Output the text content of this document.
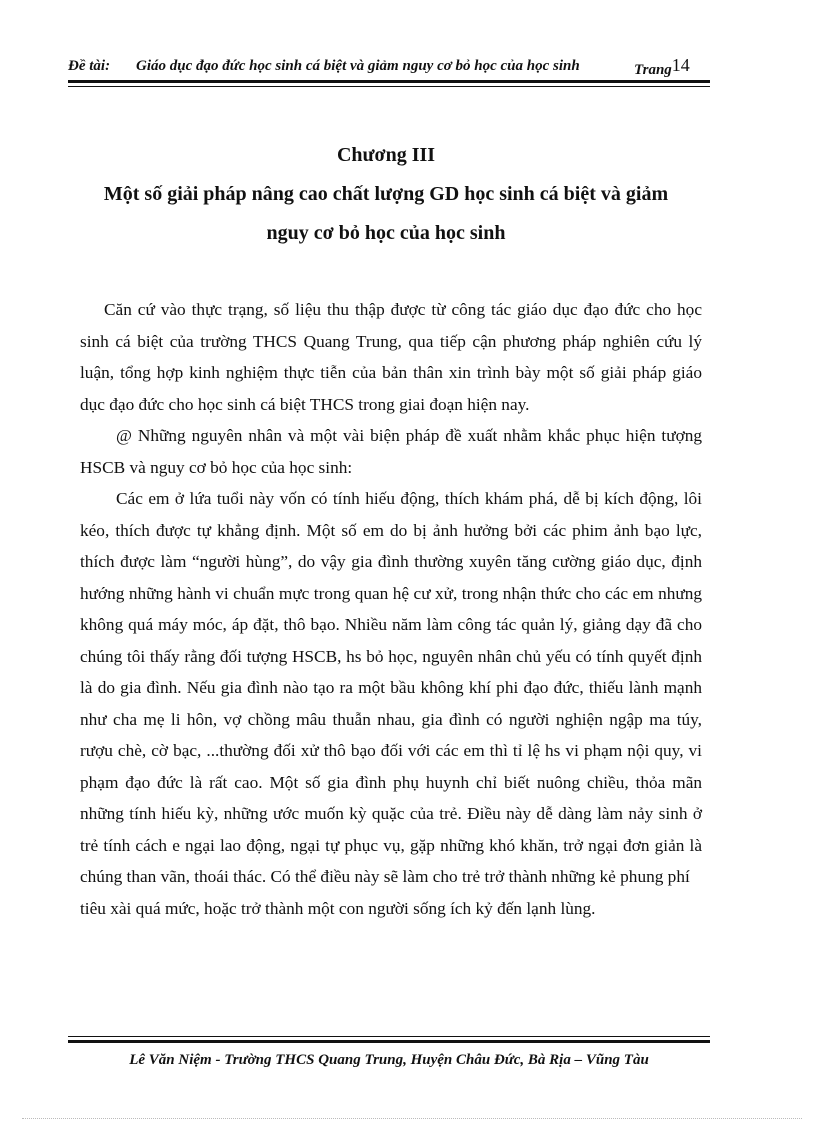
Đề tài: Giáo dục đạo đức học sinh cá biệt và giảm nguy cơ bỏ học của học sinh	Trang14
Chương III
Một số giải pháp nâng cao chất lượng GD học sinh cá biệt và giảm
nguy cơ bỏ học của học sinh

Căn cứ vào thực trạng, số liệu thu thập được từ công tác giáo dục đạo đức cho học sinh cá biệt của trường THCS Quang Trung, qua tiếp cận phương pháp nghiên cứu lý luận, tổng hợp kinh nghiệm thực tiễn của bản thân xin trình bày một số giải pháp giáo dục đạo đức cho học sinh cá biệt THCS trong giai đoạn hiện nay.

@ Những nguyên nhân và một vài biện pháp đề xuất nhằm khắc phục hiện tượng HSCB và nguy cơ bỏ học của học sinh:

Các em ở lứa tuổi này vốn có tính hiếu động, thích khám phá, dễ bị kích động, lôi kéo, thích được tự khẳng định. Một số em do bị ảnh hưởng bởi các phim ảnh bạo lực, thích được làm “người hùng”, do vậy gia đình thường xuyên tăng cường giáo dục, định hướng những hành vi chuẩn mực trong quan hệ cư xử, trong nhận thức cho các em nhưng không quá máy móc, áp đặt, thô bạo. Nhiều năm làm công tác quản lý, giảng dạy đã cho chúng tôi thấy rằng đối tượng HSCB, hs bỏ học, nguyên nhân chủ yếu có tính quyết định là do gia đình. Nếu gia đình nào tạo ra một bầu không khí phi đạo đức, thiếu lành mạnh như cha mẹ li hôn, vợ chồng mâu thuẫn nhau, gia đình có người nghiện ngập ma túy, rượu chè, cờ bạc, ...thường đối xử thô bạo đối với các em thì tỉ lệ hs vi phạm nội quy, vi phạm đạo đức là rất cao. Một số gia đình phụ huynh chỉ biết nuông chiều, thỏa mãn những tính hiếu kỳ, những ước muốn kỳ quặc của trẻ. Điều này dễ dàng làm nảy sinh ở trẻ tính cách e ngại lao động, ngại tự phục vụ, gặp những khó khăn, trở ngại đơn giản là chúng than vãn, thoái thác. Có thể điều này sẽ làm cho trẻ trở thành những kẻ phung phí

tiêu xài quá mức, hoặc trở thành một con người sống ích kỷ đến lạnh lùng.

Lê Văn Niệm - Trường THCS Quang Trung, Huyện Châu Đức, Bà Rịa – Vũng Tàu
